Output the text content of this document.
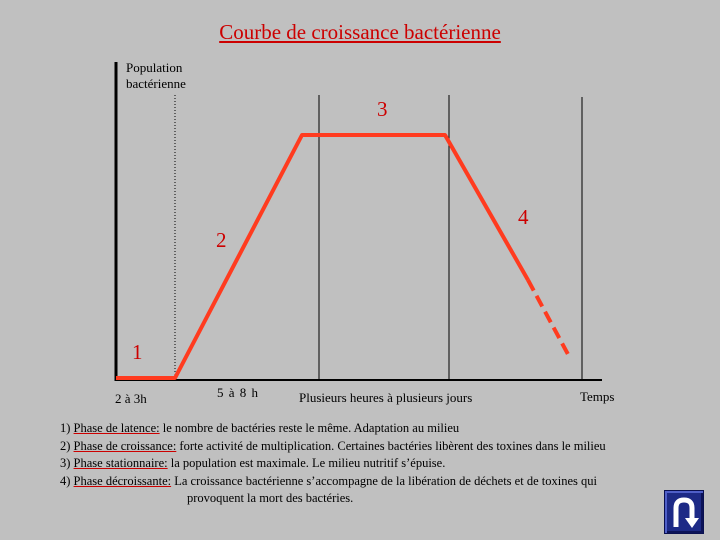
Courbe de croissance bactérienne
Population
bactérienne
1
2
3
4
2 à 3h	5 à 8 h	Plusieurs heures à plusieurs jours	Temps
1) Phase de latence: le nombre de bactéries reste le même. Adaptation au milieu
2) Phase de croissance: forte activité de multiplication. Certaines bactéries libèrent des toxines dans le milieu
3) Phase stationnaire: la population est maximale. Le milieu nutritif s’épuise.
4) Phase décroissante: La croissance bactérienne s’accompagne de la libération de déchets et de toxines qui
provoquent la mort des bactéries.
